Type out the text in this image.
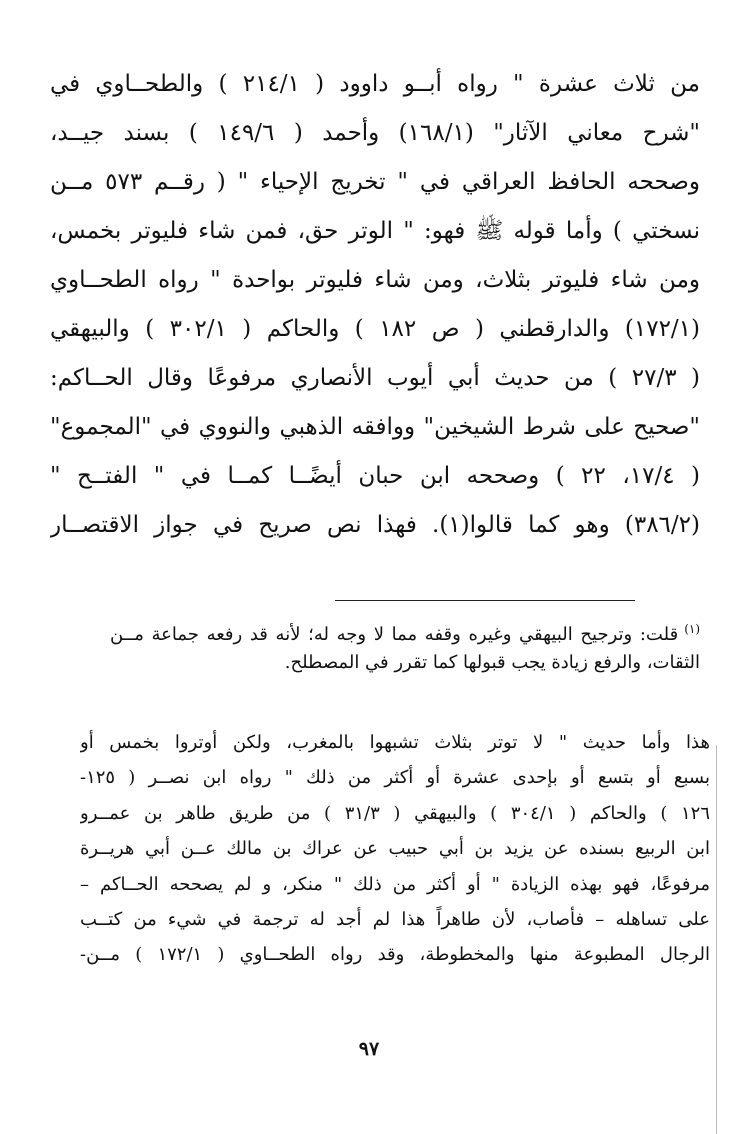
من ثلاث عشرة " رواه أبــو داوود ( ٢١٤/١ ) والطحــاوي في
"شرح معاني الآثار" (١٦٨/١) وأحمد ( ١٤٩/٦ ) بسند جيــد،
وصححه الحافظ العراقي في " تخريج الإحياء " ( رقــم ٥٧٣ مــن
نسختي ) وأما قوله ﷺ فهو: " الوتر حق، فمن شاء فليوتر بخمس،
ومن شاء فليوتر بثلاث، ومن شاء فليوتر بواحدة " رواه الطحــاوي
(١٧٢/١) والدارقطني ( ص ١٨٢ ) والحاكم ( ٣٠٢/١ ) والبيهقي
( ٢٧/٣ ) من حديث أبي أيوب الأنصاري مرفوعًا وقال الحــاكم:
"صحيح على شرط الشيخين" ووافقه الذهبي والنووي في "المجموع"
( ١٧/٤، ٢٢ ) وصححه ابن حبان أيضًــا كمــا في " الفتــح "
(٣٨٦/٢) وهو كما قالوا(١). فهذا نص صريح في جواز الاقتصــار
$^{(١)}$قلت: وترجيح البيهقي وغيره وقفه مما لا وجه له؛ لأنه قد رفعه جماعة مــن
الثقات، والرفع زيادة يجب قبولها كما تقرر في المصطلح.
هذا وأما حديث " لا توتر بثلاث تشبهوا بالمغرب، ولكن أوتروا بخمس أو
بسبع أو بتسع أو بإحدى عشرة أو أكثر من ذلك " رواه ابن نصــر ( ١٢٥-
١٢٦ ) والحاكم ( ٣٠٤/١ ) والبيهقي ( ٣١/٣ ) من طريق طاهر بن عمــرو
ابن الربيع بسنده عن يزيد بن أبي حبيب عن عراك بن مالك عــن أبي هريــرة
مرفوعًا، فهو بهذه الزيادة " أو أكثر من ذلك " منكر، و لم يصححه الحــاكم –
على تساهله – فأصاب، لأن طاهراً هذا لم أجد له ترجمة في شيء من كتــب
الرجال المطبوعة منها والمخطوطة، وقد رواه الطحــاوي ( ١٧٢/١ ) مــن-
٩٧
